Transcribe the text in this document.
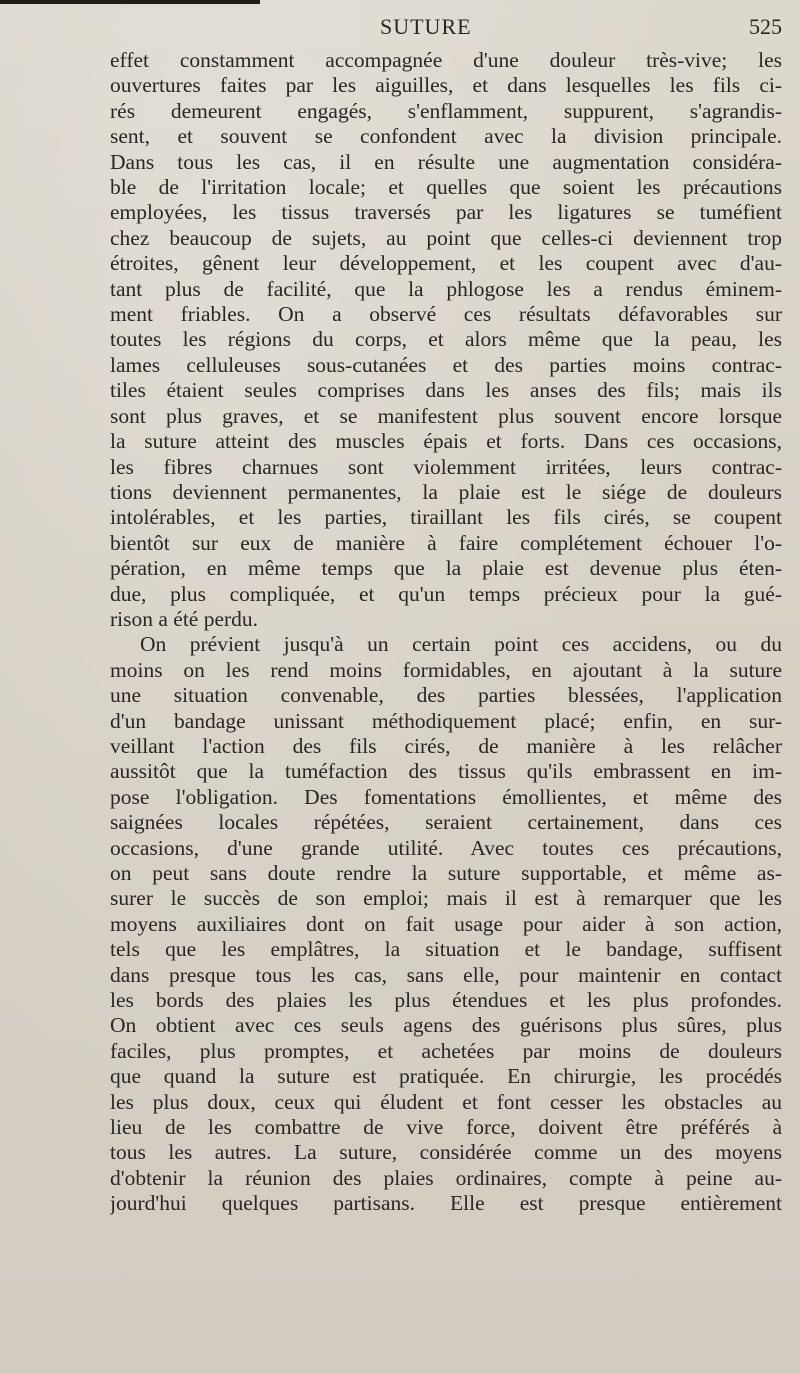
SUTURE	525
effet constamment accompagnée d'une douleur très-vive; les
ouvertures faites par les aiguilles, et dans lesquelles les fils ci-
rés demeurent engagés, s'enflamment, suppurent, s'agrandis-
sent, et souvent se confondent avec la division principale.
Dans tous les cas, il en résulte une augmentation considéra-
ble de l'irritation locale; et quelles que soient les précautions
employées, les tissus traversés par les ligatures se tuméfient
chez beaucoup de sujets, au point que celles-ci deviennent trop
étroites, gênent leur développement, et les coupent avec d'au-
tant plus de facilité, que la phlogose les a rendus éminem-
ment friables. On a observé ces résultats défavorables sur
toutes les régions du corps, et alors même que la peau, les
lames celluleuses sous-cutanées et des parties moins contrac-
tiles étaient seules comprises dans les anses des fils; mais ils
sont plus graves, et se manifestent plus souvent encore lorsque
la suture atteint des muscles épais et forts. Dans ces occasions,
les fibres charnues sont violemment irritées, leurs contrac-
tions deviennent permanentes, la plaie est le siége de douleurs
intolérables, et les parties, tiraillant les fils cirés, se coupent
bientôt sur eux de manière à faire complétement échouer l'o-
pération, en même temps que la plaie est devenue plus éten-
due, plus compliquée, et qu'un temps précieux pour la gué-
rison a été perdu.
On prévient jusqu'à un certain point ces accidens, ou du
moins on les rend moins formidables, en ajoutant à la suture
une situation convenable, des parties blessées, l'application
d'un bandage unissant méthodiquement placé; enfin, en sur-
veillant l'action des fils cirés, de manière à les relâcher
aussitôt que la tuméfaction des tissus qu'ils embrassent en im-
pose l'obligation. Des fomentations émollientes, et même des
saignées locales répétées, seraient certainement, dans ces
occasions, d'une grande utilité. Avec toutes ces précautions,
on peut sans doute rendre la suture supportable, et même as-
surer le succès de son emploi; mais il est à remarquer que les
moyens auxiliaires dont on fait usage pour aider à son action,
tels que les emplâtres, la situation et le bandage, suffisent
dans presque tous les cas, sans elle, pour maintenir en contact
les bords des plaies les plus étendues et les plus profondes.
On obtient avec ces seuls agens des guérisons plus sûres, plus
faciles, plus promptes, et achetées par moins de douleurs
que quand la suture est pratiquée. En chirurgie, les procédés
les plus doux, ceux qui éludent et font cesser les obstacles au
lieu de les combattre de vive force, doivent être préférés à
tous les autres. La suture, considérée comme un des moyens
d'obtenir la réunion des plaies ordinaires, compte à peine au-
jourd'hui quelques partisans. Elle est presque entièrement
